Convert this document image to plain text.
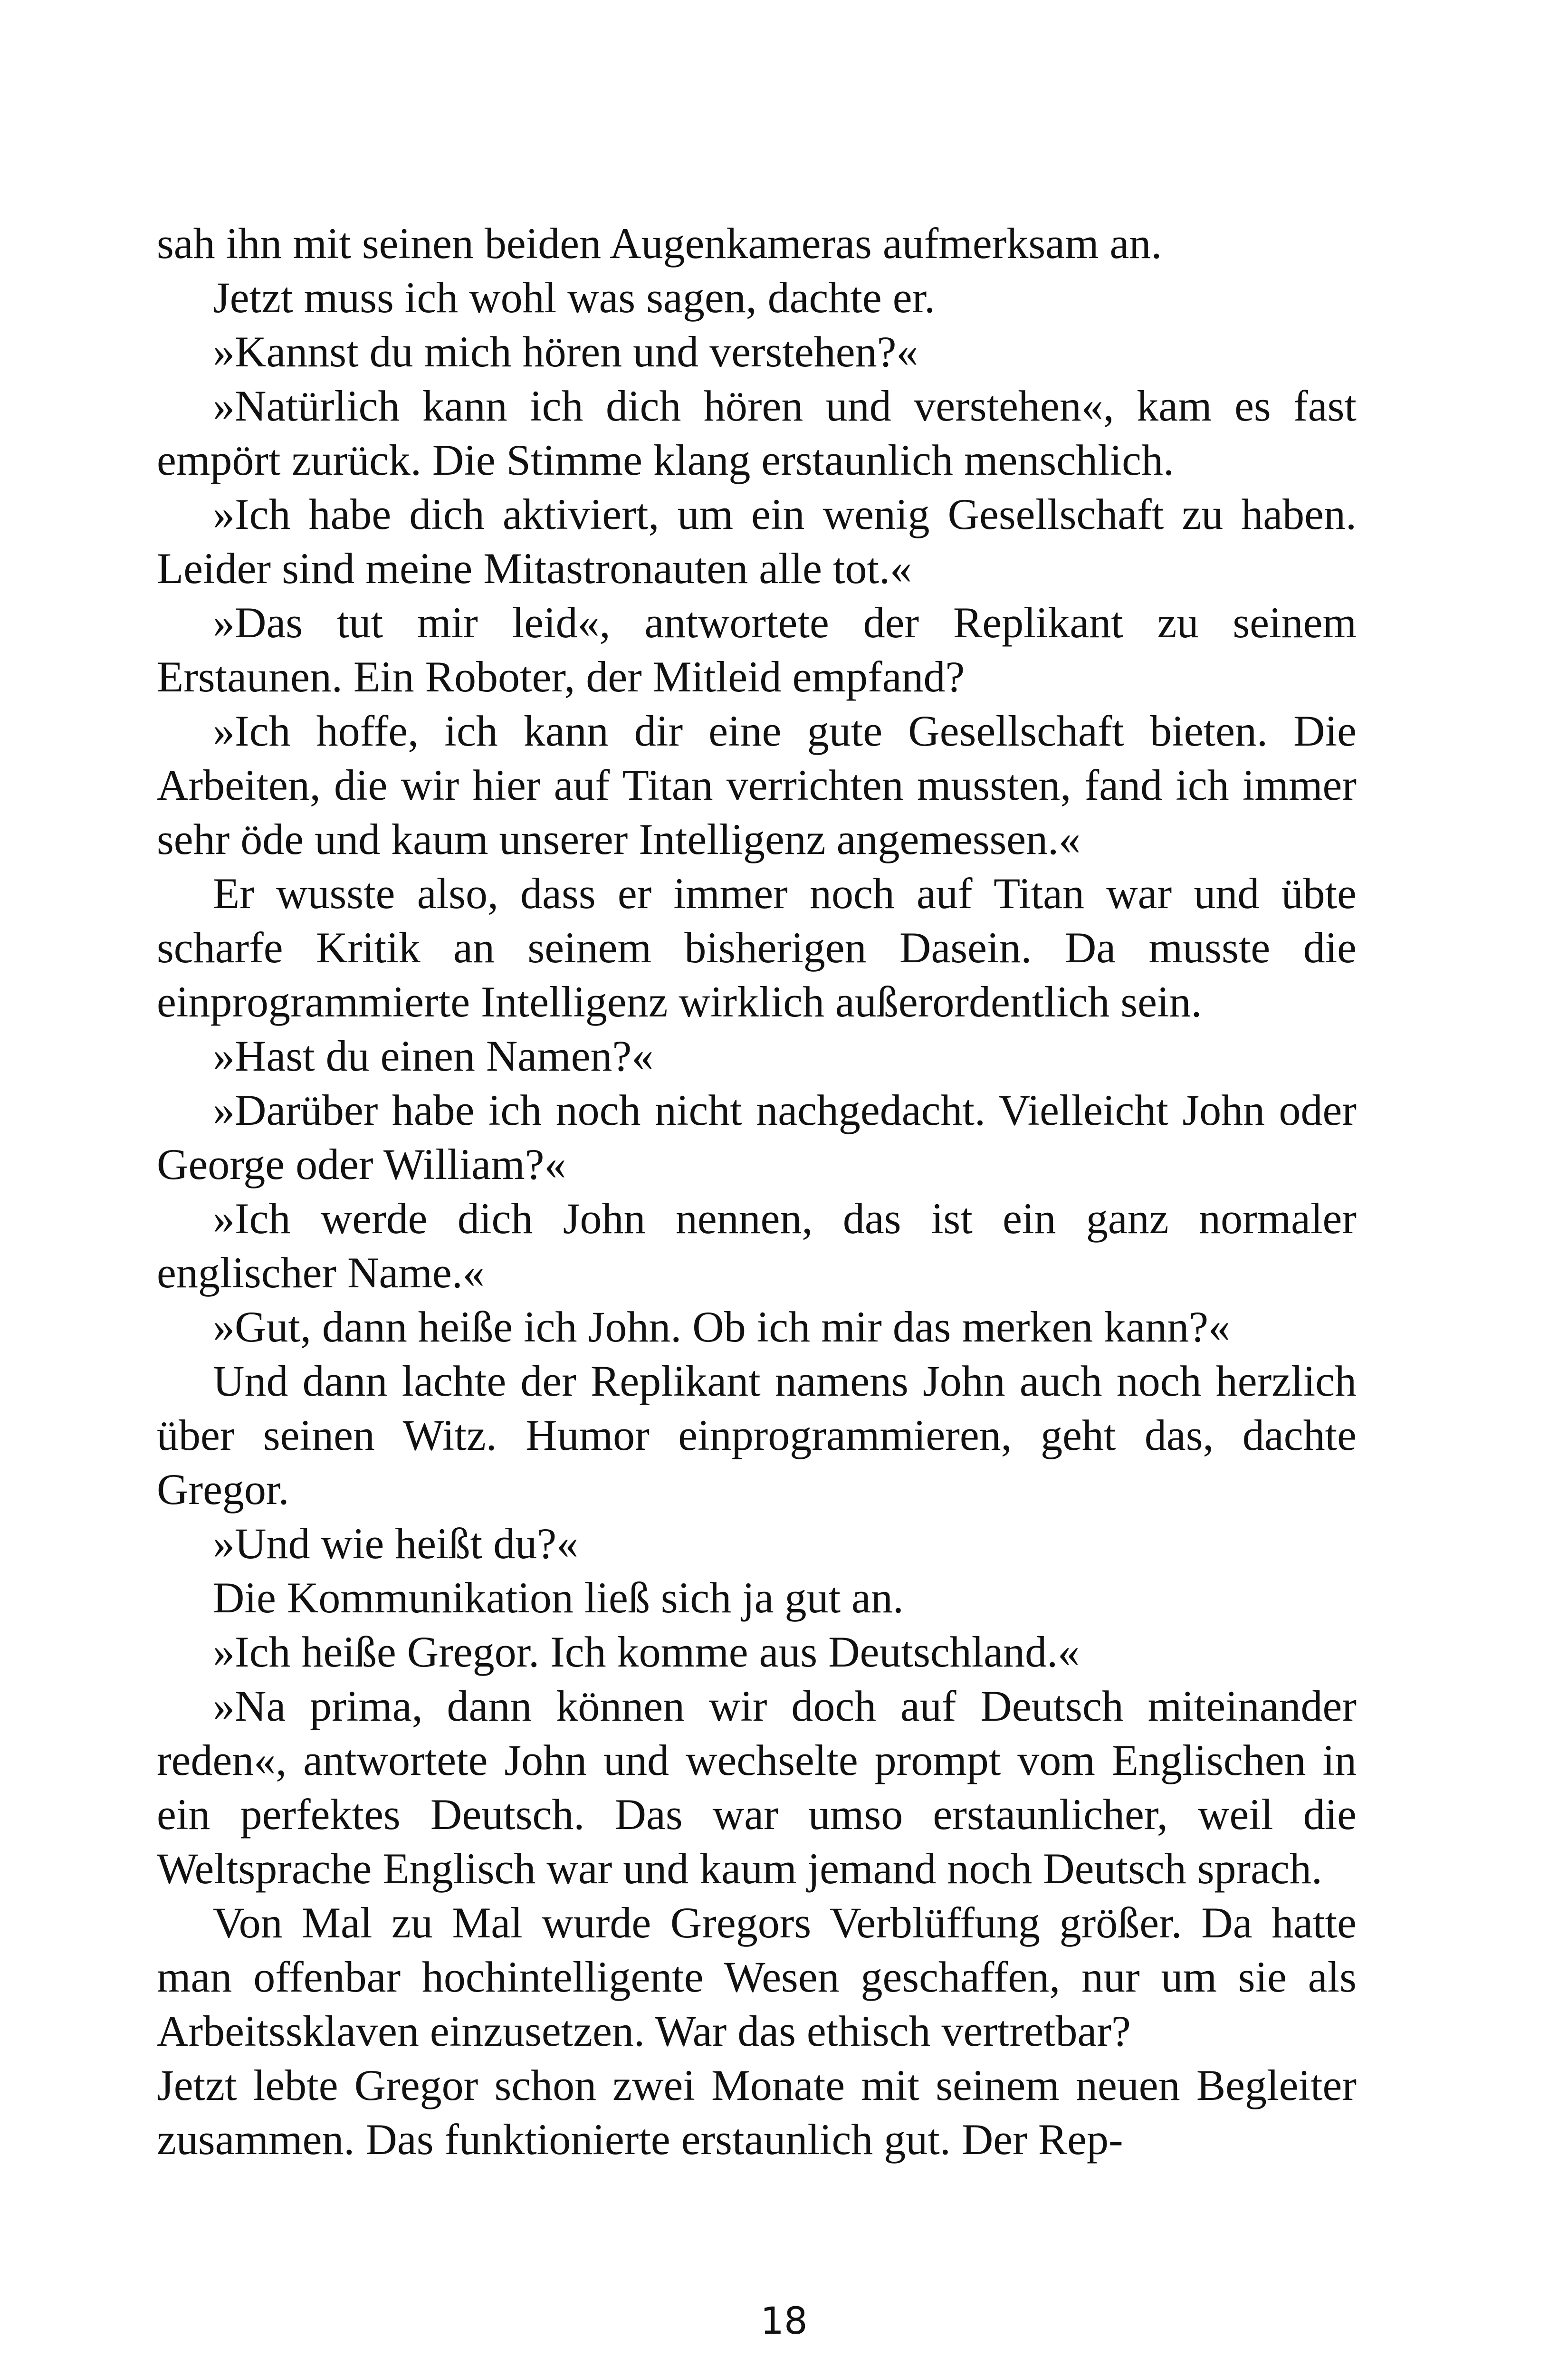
sah ihn mit seinen beiden Augenkameras aufmerksam an.

Jetzt muss ich wohl was sagen, dachte er.

»Kannst du mich hören und verstehen?«

»Natürlich kann ich dich hören und verstehen«, kam es fast empört zurück. Die Stimme klang erstaunlich menschlich.

»Ich habe dich aktiviert, um ein wenig Gesellschaft zu haben. Leider sind meine Mitastronauten alle tot.«

»Das tut mir leid«, antwortete der Replikant zu seinem Erstaunen. Ein Roboter, der Mitleid empfand?

»Ich hoffe, ich kann dir eine gute Gesellschaft bieten. Die Arbeiten, die wir hier auf Titan verrichten mussten, fand ich immer sehr öde und kaum unserer Intelligenz angemessen.«

Er wusste also, dass er immer noch auf Titan war und übte scharfe Kritik an seinem bisherigen Dasein. Da musste die einprogrammierte Intelligenz wirklich außerordentlich sein.

»Hast du einen Namen?«

»Darüber habe ich noch nicht nachgedacht. Vielleicht John oder George oder William?«

»Ich werde dich John nennen, das ist ein ganz normaler englischer Name.«

»Gut, dann heiße ich John. Ob ich mir das merken kann?«

Und dann lachte der Replikant namens John auch noch herzlich über seinen Witz. Humor einprogrammieren, geht das, dachte Gregor.

»Und wie heißt du?«

Die Kommunikation ließ sich ja gut an.

»Ich heiße Gregor. Ich komme aus Deutschland.«

»Na prima, dann können wir doch auf Deutsch miteinander reden«, antwortete John und wechselte prompt vom Englischen in ein perfektes Deutsch. Das war umso erstaunlicher, weil die Weltsprache Englisch war und kaum jemand noch Deutsch sprach.

Von Mal zu Mal wurde Gregors Verblüffung größer. Da hatte man offenbar hochintelligente Wesen geschaffen, nur um sie als Arbeitssklaven einzusetzen. War das ethisch vertretbar?

Jetzt lebte Gregor schon zwei Monate mit seinem neuen Begleiter zusammen. Das funktionierte erstaunlich gut. Der Rep-

18
